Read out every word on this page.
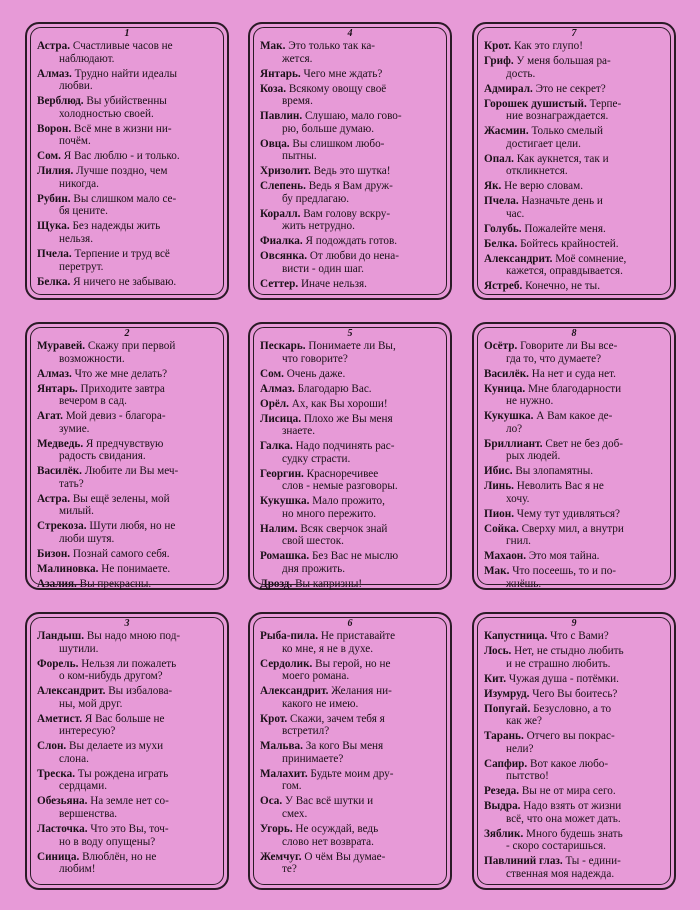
1
Астра. Счастливые часов не
наблюдают.
Алмаз. Трудно найти идеалы
любви.
Верблюд. Вы убийственны
холодностью своей.
Ворон. Всё мне в жизни ни-
почём.
Сом. Я Вас люблю - и только.
Лилия. Лучше поздно, чем
никогда.
Рубин. Вы слишком мало се-
бя цените.
Щука. Без надежды жить
нельзя.
Пчела. Терпение и труд всё
перетрут.
Белка. Я ничего не забываю.
4
Мак. Это только так ка-
жется.
Янтарь. Чего мне ждать?
Коза. Всякому овощу своё
время.
Павлин. Слушаю, мало гово-
рю, больше думаю.
Овца. Вы слишком любо-
пытны.
Хризолит. Ведь это шутка!
Слепень. Ведь я Вам друж-
бу предлагаю.
Коралл. Вам голову вскру-
жить нетрудно.
Фиалка. Я подождать готов.
Овсянка. От любви до нена-
висти - один шаг.
Сеттер. Иначе нельзя.
7
Крот. Как это глупо!
Гриф. У меня большая ра-
дость.
Адмирал. Это не секрет?
Горошек душистый. Терпе-
ние вознаграждается.
Жасмин. Только смелый
достигает цели.
Опал. Как аукнется, так и
откликнется.
Як. Не верю словам.
Пчела. Назначьте день и
час.
Голубь. Пожалейте меня.
Белка. Бойтесь крайностей.
Александрит. Моё сомнение,
кажется, оправдывается.
Ястреб. Конечно, не ты.
2
Муравей. Скажу при первой
возможности.
Алмаз. Что же мне делать?
Янтарь. Приходите завтра
вечером в сад.
Агат. Мой девиз - благора-
зумие.
Медведь. Я предчувствую
радость свидания.
Василёк. Любите ли Вы меч-
тать?
Астра. Вы ещё зелены, мой
милый.
Стрекоза. Шути любя, но не
люби шутя.
Бизон. Познай самого себя.
Малиновка. Не понимаете.
Азалия. Вы прекрасны.
5
Пескарь. Понимаете ли Вы,
что говорите?
Сом. Очень даже.
Алмаз. Благодарю Вас.
Орёл. Ах, как Вы хороши!
Лисица. Плохо же Вы меня
знаете.
Галка. Надо подчинять рас-
судку страсти.
Георгин. Красноречивее
слов - немые разговоры.
Кукушка. Мало прожито,
но много пережито.
Налим. Всяк сверчок знай
свой шесток.
Ромашка. Без Вас не мыслю
дня прожить.
Дрозд. Вы капризны!
8
Осётр. Говорите ли Вы все-
гда то, что думаете?
Василёк. На нет и суда нет.
Куница. Мне благодарности
не нужно.
Кукушка. А Вам какое де-
ло?
Бриллиант. Свет не без доб-
рых людей.
Ибис. Вы злопамятны.
Линь. Неволить Вас я не
хочу.
Пион. Чему тут удивляться?
Сойка. Сверху мил, а внутри
гнил.
Махаон. Это моя тайна.
Мак. Что посеешь, то и по-
жнёшь.
3
Ландыш. Вы надо мною под-
шутили.
Форель. Нельзя ли пожалеть
о ком-нибудь другом?
Александрит. Вы избалова-
ны, мой друг.
Аметист. Я Вас больше не
интересую?
Слон. Вы делаете из мухи
слона.
Треска. Ты рождена играть
сердцами.
Обезьяна. На земле нет со-
вершенства.
Ласточка. Что это Вы, точ-
но в воду опущены?
Синица. Влюблён, но не
любим!
6
Рыба-пила. Не приставайте
ко мне, я не в духе.
Сердолик. Вы герой, но не
моего романа.
Александрит. Желания ни-
какого не имею.
Крот. Скажи, зачем тебя я
встретил?
Мальва. За кого Вы меня
принимаете?
Малахит. Будьте моим дру-
гом.
Оса. У Вас всё шутки и
смех.
Угорь. Не осуждай, ведь
слово нет возврата.
Жемчуг. О чём Вы думае-
те?
9
Капустница. Что с Вами?
Лось. Нет, не стыдно любить
и не страшно любить.
Кит. Чужая душа - потёмки.
Изумруд. Чего Вы боитесь?
Попугай. Безусловно, а то
как же?
Тарань. Отчего вы покрас-
нели?
Сапфир. Вот какое любо-
пытство!
Резеда. Вы не от мира сего.
Выдра. Надо взять от жизни
всё, что она может дать.
Зяблик. Много будешь знать
- скоро состаришься.
Павлиний глаз. Ты - едини-
ственная моя надежда.
